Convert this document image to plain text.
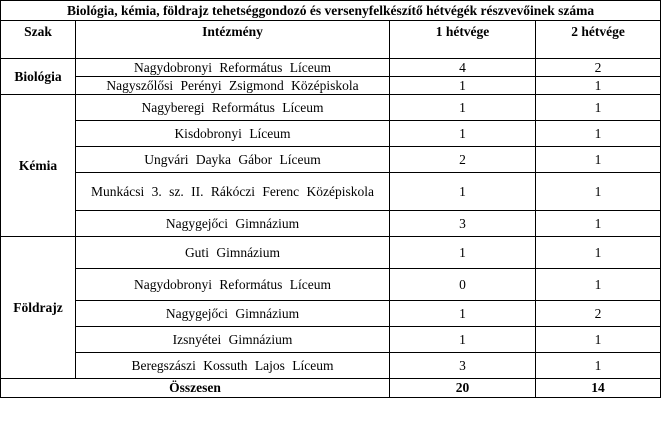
Biológia, kémia, földrajz tehetséggondozó és versenyfelkészítő hétvégék részvevőinek száma			
Szak	Intézmény	1 hétvége	2 hétvége
Biológia	Nagydobronyi Református Líceum	4	2
	Nagyszőlősi Perényi Zsigmond Középiskola	1	1
Kémia	Nagyberegi Református Líceum	1	1
	Kisdobronyi Líceum	1	1
	Ungvári Dayka Gábor Líceum	2	1
	Munkácsi 3. sz. II. Rákóczi Ferenc Középiskola	1	1
	Nagygejőci Gimnázium	3	1
Földrajz	Guti Gimnázium	1	1
	Nagydobronyi Református Líceum	0	1
	Nagygejőci Gimnázium	1	2
	Izsnyétei Gimnázium	1	1
	Beregszászi Kossuth Lajos Líceum	3	1
Összesen		20	14
